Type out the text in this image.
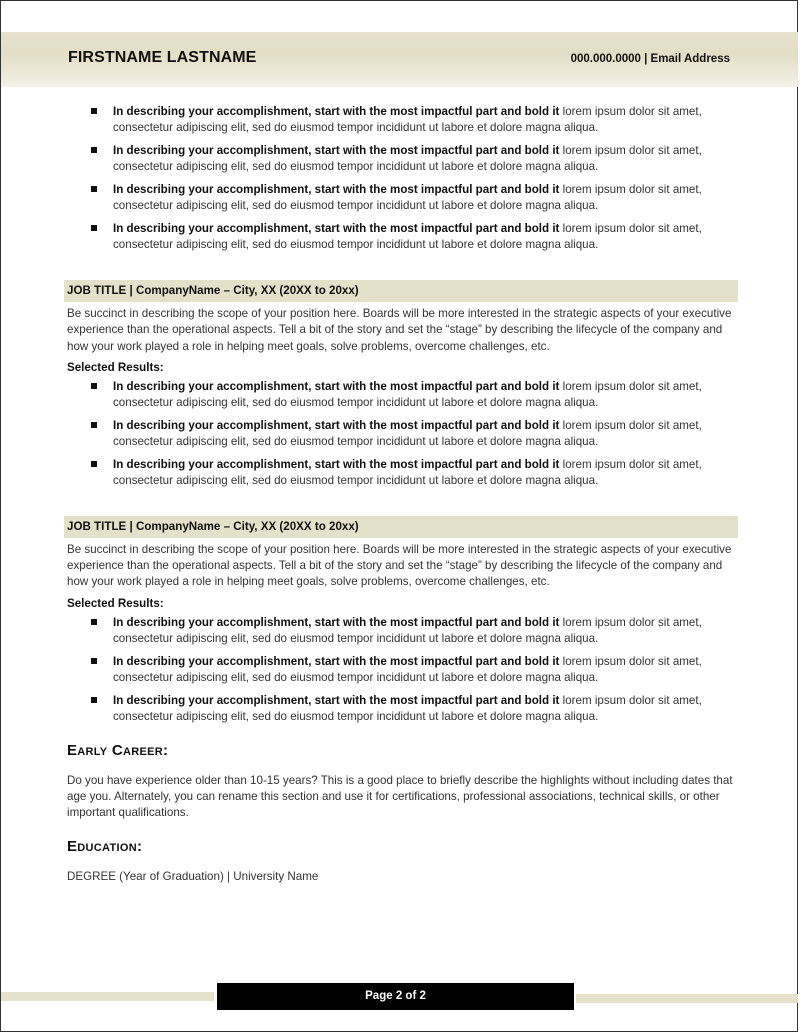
FIRSTNAME LASTNAME	000.000.0000 | Email Address
In describing your accomplishment, start with the most impactful part and bold it lorem ipsum dolor sit amet, consectetur adipiscing elit, sed do eiusmod tempor incididunt ut labore et dolore magna aliqua.
In describing your accomplishment, start with the most impactful part and bold it lorem ipsum dolor sit amet, consectetur adipiscing elit, sed do eiusmod tempor incididunt ut labore et dolore magna aliqua.
In describing your accomplishment, start with the most impactful part and bold it lorem ipsum dolor sit amet, consectetur adipiscing elit, sed do eiusmod tempor incididunt ut labore et dolore magna aliqua.
In describing your accomplishment, start with the most impactful part and bold it lorem ipsum dolor sit amet, consectetur adipiscing elit, sed do eiusmod tempor incididunt ut labore et dolore magna aliqua.
JOB TITLE | CompanyName – City, XX (20XX to 20xx)
Be succinct in describing the scope of your position here. Boards will be more interested in the strategic aspects of your executive experience than the operational aspects. Tell a bit of the story and set the “stage” by describing the lifecycle of the company and how your work played a role in helping meet goals, solve problems, overcome challenges, etc.
Selected Results:
In describing your accomplishment, start with the most impactful part and bold it lorem ipsum dolor sit amet, consectetur adipiscing elit, sed do eiusmod tempor incididunt ut labore et dolore magna aliqua.
In describing your accomplishment, start with the most impactful part and bold it lorem ipsum dolor sit amet, consectetur adipiscing elit, sed do eiusmod tempor incididunt ut labore et dolore magna aliqua.
In describing your accomplishment, start with the most impactful part and bold it lorem ipsum dolor sit amet, consectetur adipiscing elit, sed do eiusmod tempor incididunt ut labore et dolore magna aliqua.
JOB TITLE | CompanyName – City, XX (20XX to 20xx)
Be succinct in describing the scope of your position here. Boards will be more interested in the strategic aspects of your executive experience than the operational aspects. Tell a bit of the story and set the “stage” by describing the lifecycle of the company and how your work played a role in helping meet goals, solve problems, overcome challenges, etc.
Selected Results:
In describing your accomplishment, start with the most impactful part and bold it lorem ipsum dolor sit amet, consectetur adipiscing elit, sed do eiusmod tempor incididunt ut labore et dolore magna aliqua.
In describing your accomplishment, start with the most impactful part and bold it lorem ipsum dolor sit amet, consectetur adipiscing elit, sed do eiusmod tempor incididunt ut labore et dolore magna aliqua.
In describing your accomplishment, start with the most impactful part and bold it lorem ipsum dolor sit amet, consectetur adipiscing elit, sed do eiusmod tempor incididunt ut labore et dolore magna aliqua.
Early Career:
Do you have experience older than 10-15 years? This is a good place to briefly describe the highlights without including dates that age you. Alternately, you can rename this section and use it for certifications, professional associations, technical skills, or other important qualifications.
Education:
DEGREE (Year of Graduation) | University Name
Page 2 of 2
